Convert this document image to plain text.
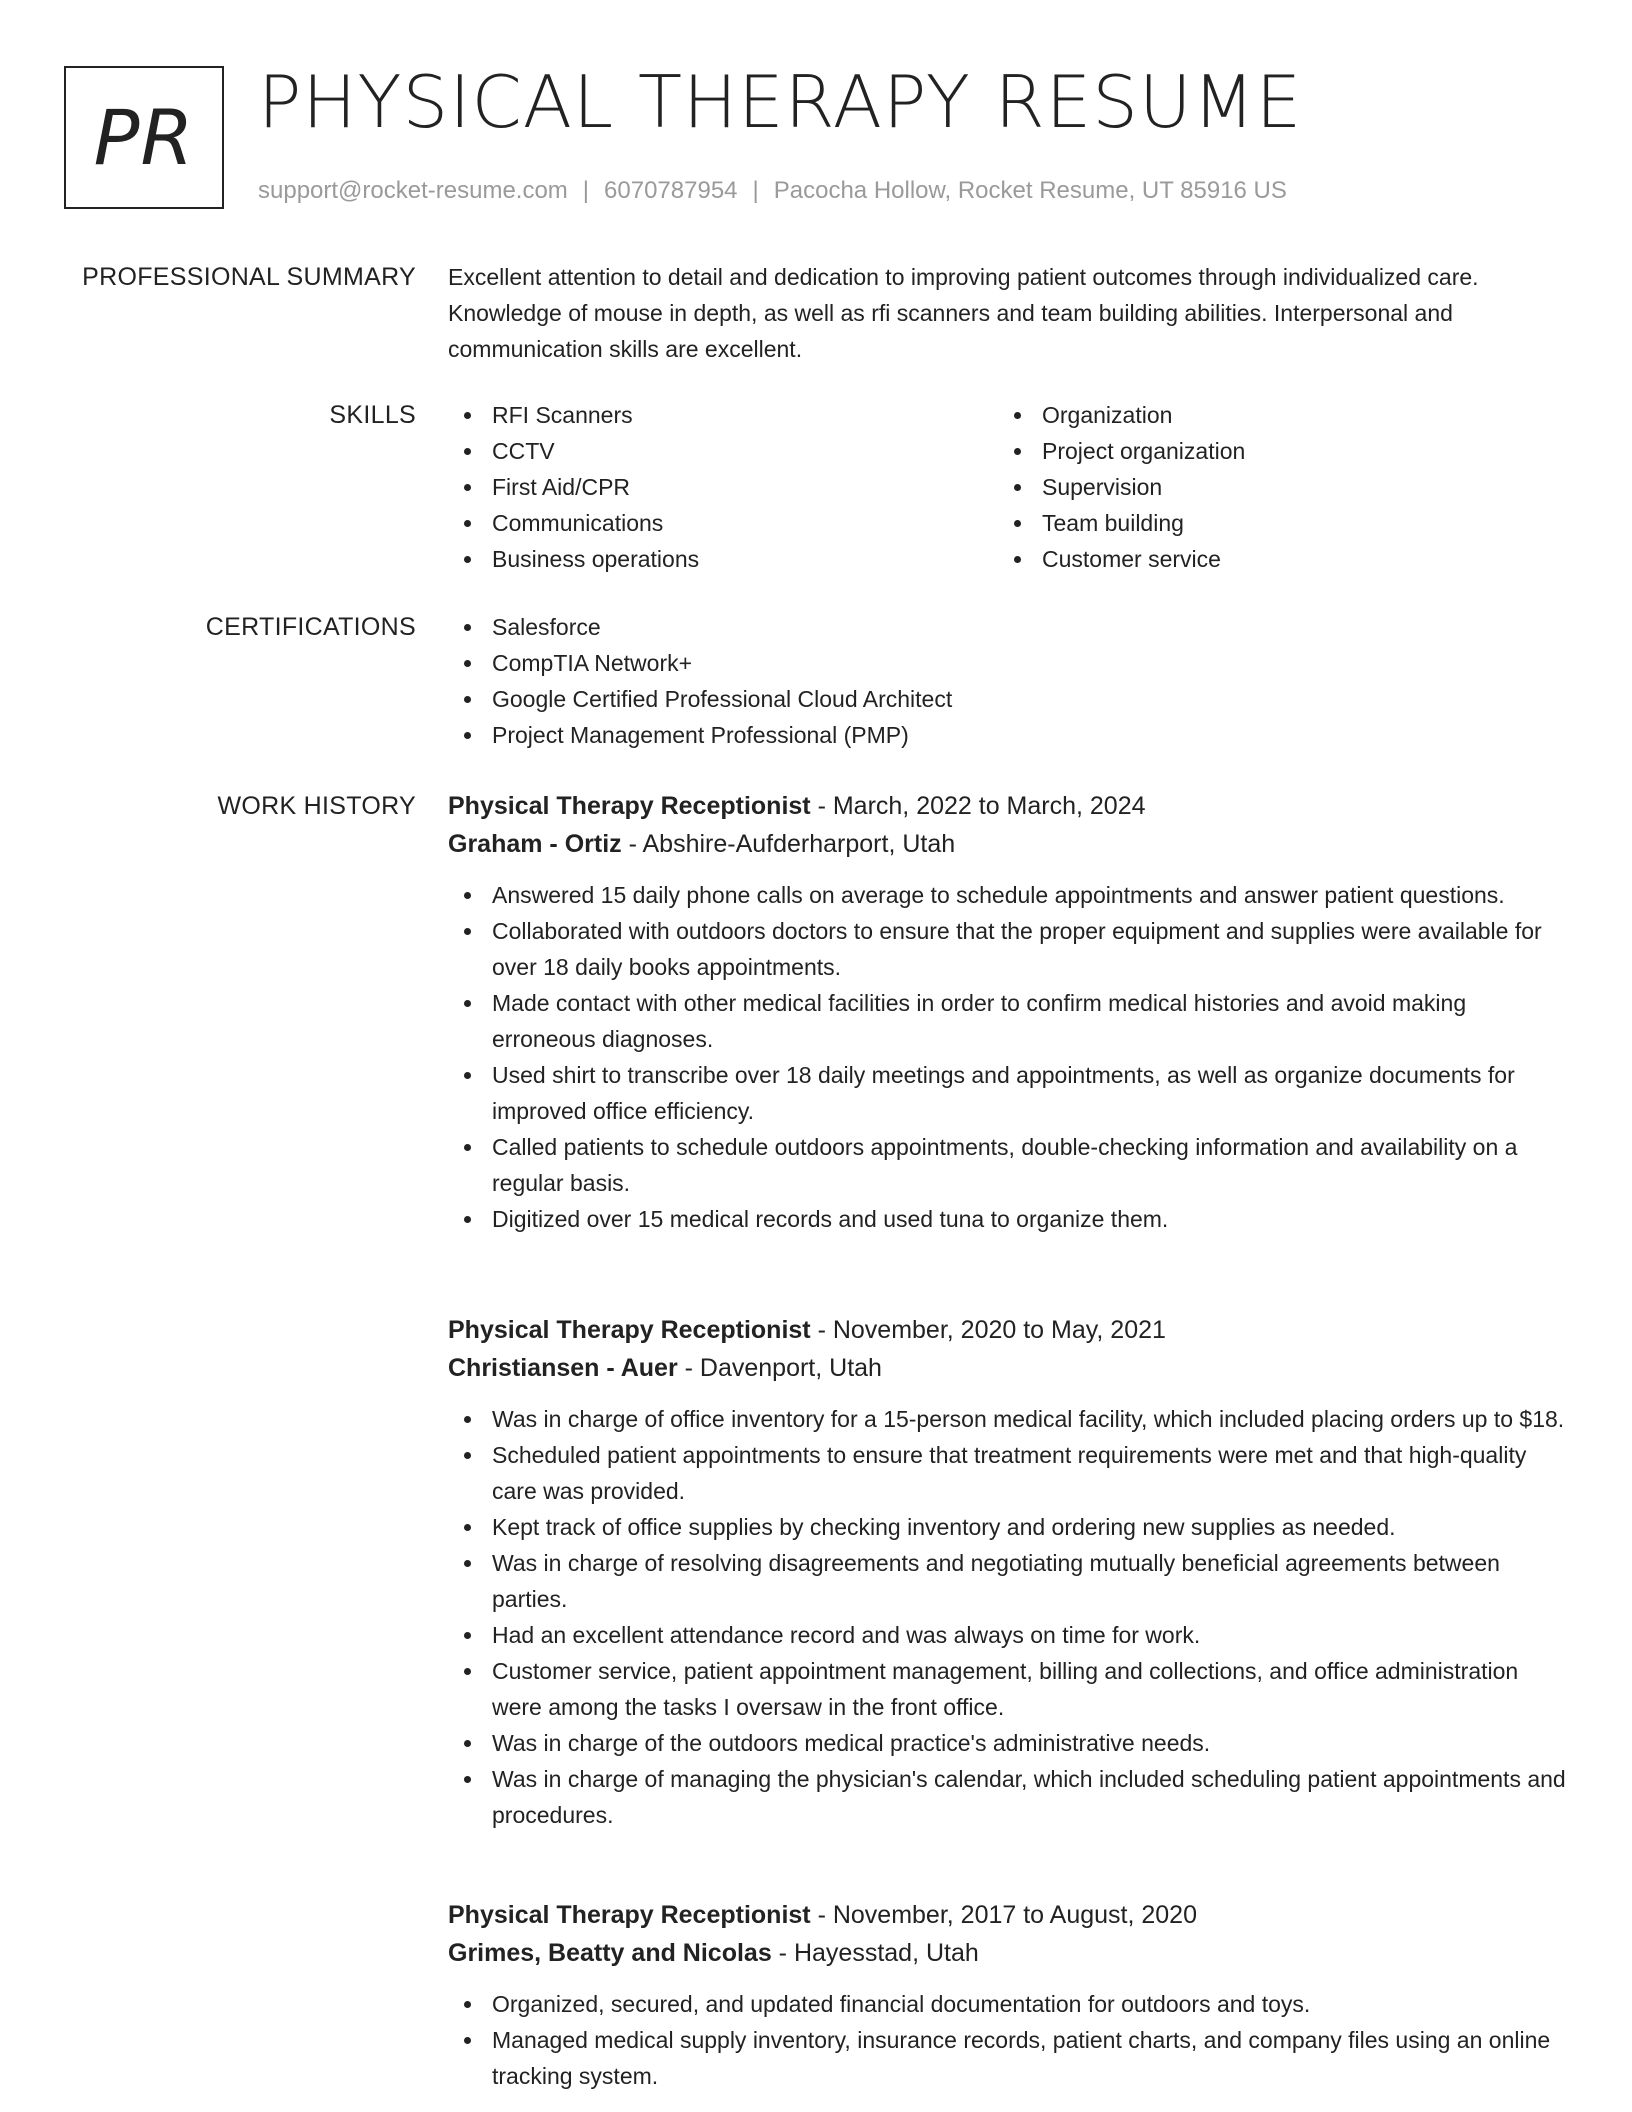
PR PHYSICAL THERAPY RESUME
support@rocket-resume.com | 6070787954 | Pacocha Hollow, Rocket Resume, UT 85916 US
PROFESSIONAL SUMMARY Excellent attention to detail and dedication to improving patient outcomes through individualized care. Knowledge of mouse in depth, as well as rfi scanners and team building abilities. Interpersonal and communication skills are excellent.

SKILLS	RFI Scanners
CCTV
First Aid/CPR
Communications
Business operations
Organization
Project organization
Supervision
Team building
Customer service
CERTIFICATIONS	Salesforce
CompTIA Network+
Google Certified Professional Cloud Architect
Project Management Professional (PMP)
WORK HISTORY Physical Therapy Receptionist - March, 2022 to March, 2024
Graham - Ortiz - Abshire-Aufderharport, Utah
Answered 15 daily phone calls on average to schedule appointments and answer patient questions.
Collaborated with outdoors doctors to ensure that the proper equipment and supplies were available for over 18 daily books appointments.
Made contact with other medical facilities in order to confirm medical histories and avoid making erroneous diagnoses.
Used shirt to transcribe over 18 daily meetings and appointments, as well as organize documents for improved office efficiency.
Called patients to schedule outdoors appointments, double-checking information and availability on a regular basis.
Digitized over 15 medical records and used tuna to organize them.
Physical Therapy Receptionist - November, 2020 to May, 2021
Christiansen - Auer - Davenport, Utah
Was in charge of office inventory for a 15-person medical facility, which included placing orders up to $18.
Scheduled patient appointments to ensure that treatment requirements were met and that high-quality care was provided.
Kept track of office supplies by checking inventory and ordering new supplies as needed.
Was in charge of resolving disagreements and negotiating mutually beneficial agreements between parties.
Had an excellent attendance record and was always on time for work.
Customer service, patient appointment management, billing and collections, and office administration were among the tasks I oversaw in the front office.
Was in charge of the outdoors medical practice's administrative needs.
Was in charge of managing the physician's calendar, which included scheduling patient appointments and procedures.
Physical Therapy Receptionist - November, 2017 to August, 2020
Grimes, Beatty and Nicolas - Hayesstad, Utah
Organized, secured, and updated financial documentation for outdoors and toys.
Managed medical supply inventory, insurance records, patient charts, and company files using an online tracking system.
